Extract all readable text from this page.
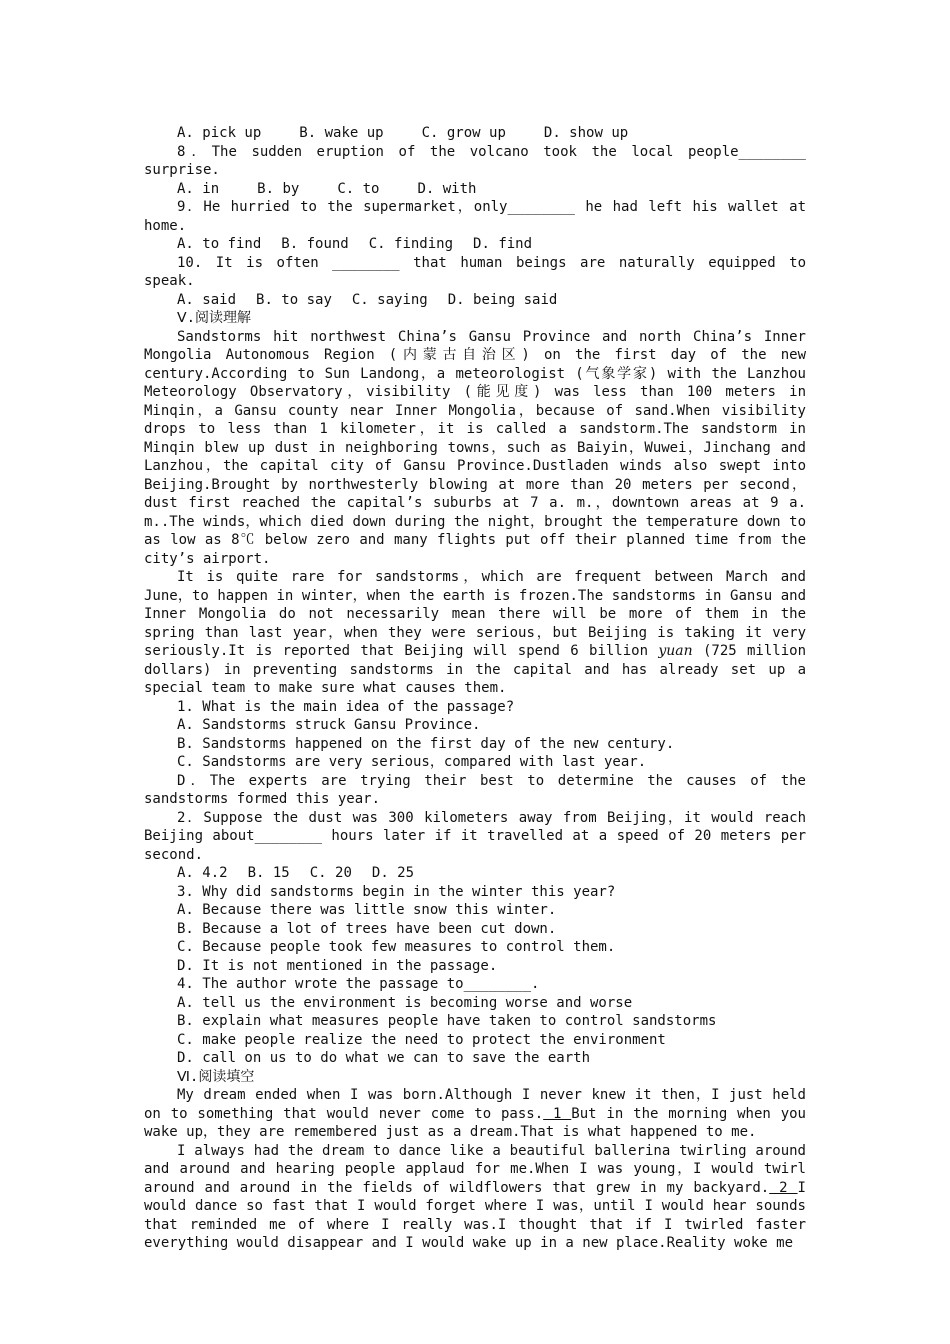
A. pick up	B. wake up	C. grow up	D. show up
8．The sudden eruption of the volcano took the local people________ surprise.
A. in	B. by	C. to	D. with
9．He hurried to the supermarket，only________ he had left his wallet at home.
A. to find B. found C. finding D. find
10. It is often ________ that human beings are naturally equipped to speak.
A. said B. to say C. saying D. being said
Ⅴ.阅读理解
Sandstorms hit northwest China’s Gansu Province and north China’s Inner Mongolia Autonomous Region (内蒙古自治区) on the first day of the new century.According to Sun Landong，a meteorologist (气象学家) with the Lanzhou Meteorology Observatory，visibility (能见度) was less than 100 meters in Minqin，a Gansu county near Inner Mongolia，because of sand.When visibility drops to less than 1 kilometer，it is called a sandstorm.The sandstorm in Minqin blew up dust in neighboring towns，such as Baiyin，Wuwei，Jinchang and Lanzhou，the capital city of Gansu Province.Dustladen winds also swept into Beijing.Brought by northwesterly blowing at more than 20 meters per second，dust first reached the capital’s suburbs at 7 a. m.，downtown areas at 9 a. m..The winds，which died down during the night，brought the temperature down to as low as 8℃ below zero and many flights put off their planned time from the city’s airport.
It is quite rare for sandstorms，which are frequent between March and June，to happen in winter，when the earth is frozen.The sandstorms in Gansu and Inner Mongolia do not necessarily mean there will be more of them in the spring than last year，when they were serious，but Beijing is taking it very seriously.It is reported that Beijing will spend 6 billion yuan (725 million dollars) in preventing sandstorms in the capital and has already set up a special team to make sure what causes them.
1. What is the main idea of the passage?
A. Sandstorms struck Gansu Province.
B. Sandstorms happened on the first day of the new century.
C. Sandstorms are very serious，compared with last year.
D．The experts are trying their best to determine the causes of the sandstorms formed this year.
2．Suppose the dust was 300 kilometers away from Beijing，it would reach Beijing about________ hours later if it travelled at a speed of 20 meters per second.
A. 4.2 B. 15 C. 20 D. 25
3. Why did sandstorms begin in the winter this year?
A. Because there was little snow this winter.
B. Because a lot of trees have been cut down.
C. Because people took few measures to control them.
D. It is not mentioned in the passage.
4. The author wrote the passage to________.
A. tell us the environment is becoming worse and worse
B. explain what measures people have taken to control sandstorms
C. make people realize the need to protect the environment
D. call on us to do what we can to save the earth
Ⅵ.阅读填空
My dream ended when I was born.Although I never knew it then，I just held on to something that would never come to pass. 1 But in the morning when you wake up，they are remembered just as a dream.That is what happened to me.
I always had the dream to dance like a beautiful ballerina twirling around and around and hearing people applaud for me.When I was young，I would twirl around and around in the fields of wildflowers that grew in my backyard. 2 I would dance so fast that I would forget where I was，until I would hear sounds that reminded me of where I really was.I thought that if I twirled faster everything would disappear and I would wake up in a new place.Reality woke me
